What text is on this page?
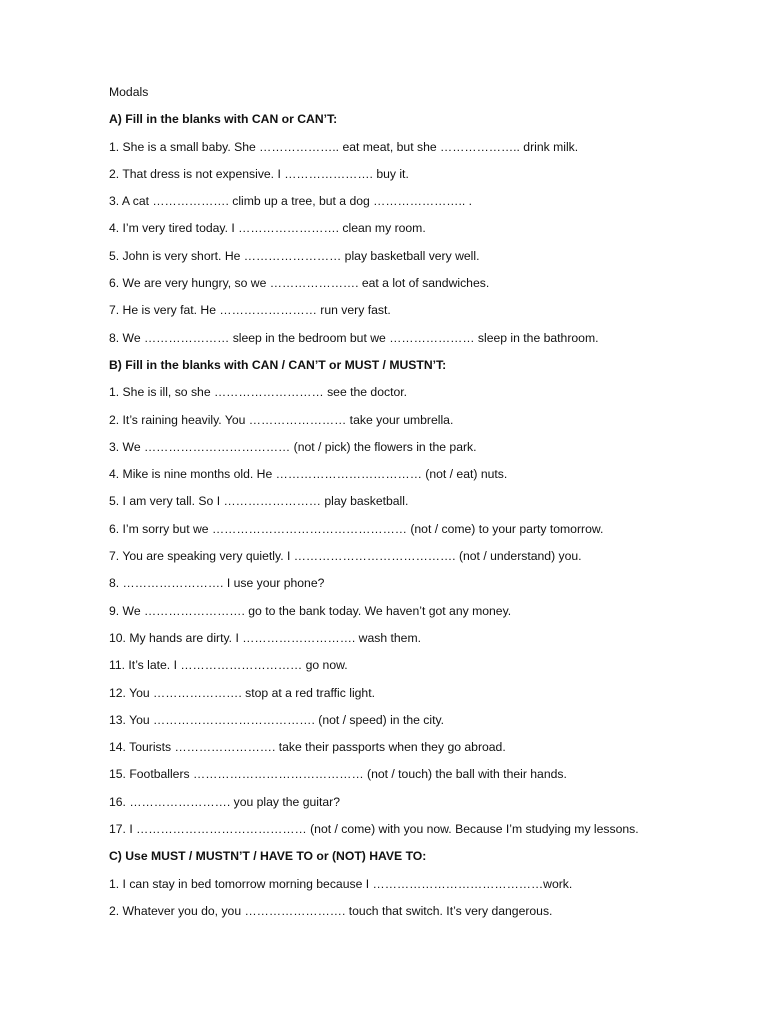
Modals
A) Fill in the blanks with CAN or CAN’T:
1. She is a small baby. She ……………….. eat meat, but she ……………….. drink milk.
2. That dress is not expensive. I …………………. buy it.
3. A cat ………………. climb up a tree, but a dog ………………….. .
4. I’m very tired today. I ……………………. clean my room.
5. John is very short. He …………………… play basketball very well.
6. We are very hungry, so we …………………. eat a lot of sandwiches.
7. He is very fat. He …………………… run very fast.
8. We ………………… sleep in the bedroom but we ………………… sleep in the bathroom.
B) Fill in the blanks with CAN / CAN’T or MUST / MUSTN’T:
1. She is ill, so she ……………………… see the doctor.
2. It’s raining heavily. You …………………… take your umbrella.
3. We ……………………………… (not / pick) the flowers in the park.
4. Mike is nine months old. He ……………………………… (not / eat) nuts.
5. I am very tall. So I …………………… play basketball.
6. I’m sorry but we ………………………………………… (not / come) to your party tomorrow.
7. You are speaking very quietly. I …………………………………. (not / understand) you.
8. ……………………. I use your phone?
9. We ……………………. go to the bank today. We haven’t got any money.
10. My hands are dirty. I ………………………. wash them.
11. It’s late. I ………………………… go now.
12. You …………………. stop at a red traffic light.
13. You …………………………………. (not / speed) in the city.
14. Tourists ……………………. take their passports when they go abroad.
15. Footballers …………………………………… (not / touch) the ball with their hands.
16. ……………………. you play the guitar?
17. I …………………………………… (not / come) with you now. Because I’m studying my lessons.
C) Use MUST / MUSTN’T / HAVE TO or (NOT) HAVE TO:
1. I can stay in bed tomorrow morning because I ……………………………………work.
2. Whatever you do, you ……………………. touch that switch. It’s very dangerous.
